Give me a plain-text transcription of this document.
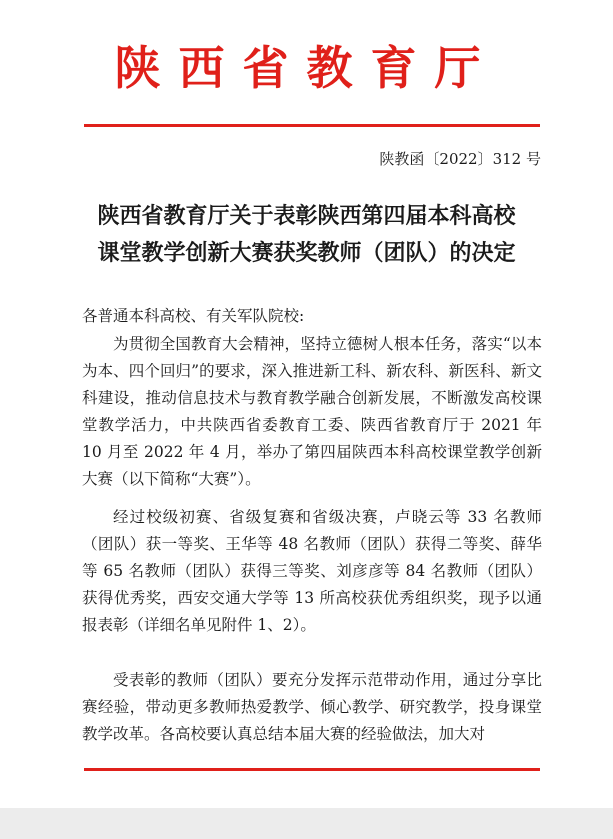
陕西省教育厅
陕教函〔2022〕312 号
陕西省教育厅关于表彰陕西第四届本科高校
课堂教学创新大赛获奖教师（团队）的决定
各普通本科高校、有关军队院校:
为贯彻全国教育大会精神，坚持立德树人根本任务，落实“以本为本、四个回归”的要求，深入推进新工科、新农科、新医科、新文科建设，推动信息技术与教育教学融合创新发展，不断激发高校课堂教学活力，中共陕西省委教育工委、陕西省教育厅于 2021 年 10 月至 2022 年 4 月，举办了第四届陕西本科高校课堂教学创新大赛（以下简称“大赛”）。
经过校级初赛、省级复赛和省级决赛，卢晓云等 33 名教师（团队）获一等奖、王华等 48 名教师（团队）获得二等奖、薛华等 65 名教师（团队）获得三等奖、刘彦彦等 84 名教师（团队）获得优秀奖，西安交通大学等 13 所高校获优秀组织奖，现予以通报表彰（详细名单见附件 1、2）。
受表彰的教师（团队）要充分发挥示范带动作用，通过分享比赛经验，带动更多教师热爱教学、倾心教学、研究教学，投身课堂教学改革。各高校要认真总结本届大赛的经验做法，加大对
